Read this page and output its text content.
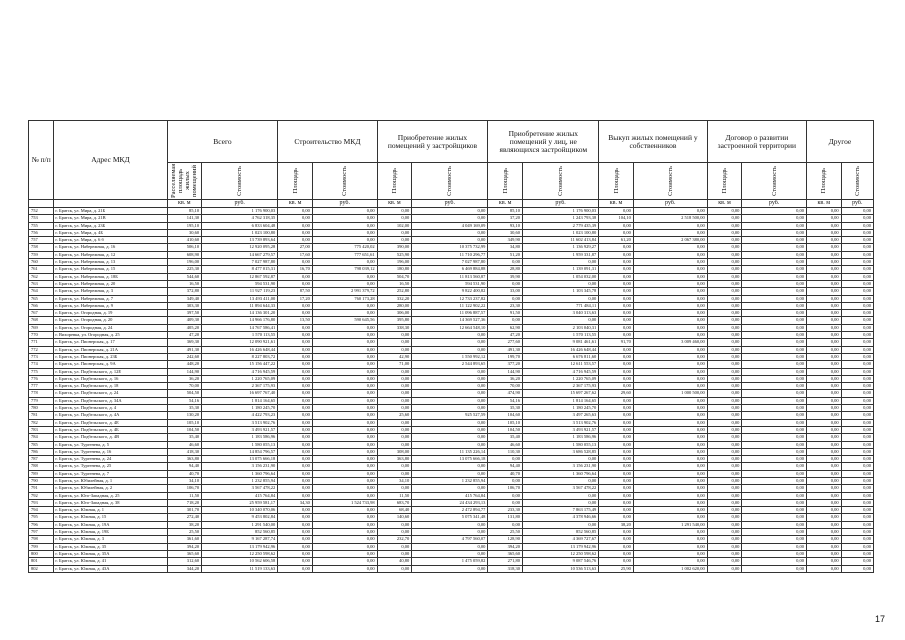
№ п/п	Адрес МКД	Всего		Строительство МКД		Приобретение жилых помещений у застройщиков		Приобретение жилых помещений у лиц, не являющихся застройщиком		Выкуп жилых помещений у собственников		Договор о развитии застроенной территории		Другое	

		Расселяемая площадь жилых помещений	Стоимость	Площадь	Стоимость	Площадь	Стоимость	Площадь	Стоимость	Площадь	Стоимость	Площадь	Стоимость	Площадь	Стоимость

		кв. м	руб.	кв. м	руб.	кв. м	руб.	кв. м	руб.	кв. м	руб.	кв. м	руб.	кв. м	руб.
752	г. Братск, ул. Мира, д. 21Б	85,10	1 176 900,03	0,00	0,00	0,00	0,00	85,10	1 176 900,03	0,00	0,00	0,00	0,00	0,00	0,00
753	г. Братск, ул. Мира, д. 21В	141,30	4 762 318,35	0,00	0,00	0,00	0,00	37,20	1 243 793,38	104,10	2 518 500,00	0,00	0,00	0,00	0,00
755	г. Братск, ул. Мира, д. 23Б	195,10	6 833 604,48	0,00	0,00	102,00	4 049 169,09	93,10	2 779 435,39	0,00	0,00	0,00	0,00	0,00	0,00
756	г. Братск, ул. Мира, д. 4Б	30,60	1 023 100,80	0,00	0,00	0,00	0,00	30,60	1 023 100,80	0,00	0,00	0,00	0,00	0,00	0,00
757	г. Братск, ул. Мира, д. 6 б	410,60	13 739 893,64	0,00	0,00	0,00	0,00	349,90	11 602 413,84	61,20	2 067 380,00	0,00	0,00	0,00	0,00
758	г. Братск, ул. Набережная, д. 16	506,10	12 920 095,28	27,00	775 420,02	390,00	10 375 732,99	34,80	1 136 929,27	0,00	0,00	0,00	0,00	0,00	0,00
759	г. Братск, ул. Набережная, д. 12	608,90	14 667 279,57	17,60	777 651,61	525,90	11 710 296,77	51,20	1 959 331,87	0,00	0,00	0,00	0,00	0,00	0,00
760	г. Братск, ул. Набережная, д. 13	196,00	7 027 987,80	0,00	0,00	196,00	7 027 987,80	0,00	0,00	0,00	0,00	0,00	0,00	0,00	0,00
761	г. Братск, ул. Набережная, д. 15	225,30	8 477 015,31	16,70	798 039,12	180,80	6 469 884,88	28,80	1 139 091,31	0,00	0,00	0,00	0,00	0,00	0,00
762	г. Братск, ул. Набережная, д. 18Б	544,60	12 867 592,87	0,00	0,00	504,70	11 813 560,87	39,90	1 054 032,00	0,00	0,00	0,00	0,00	0,00	0,00
763	г. Братск, ул. Набережная, д. 20	16,50	594 531,90	0,00	0,00	16,50	594 531,90	0,00	0,00	0,00	0,00	0,00	0,00	0,00	0,00
764	г. Братск, ул. Набережная, д. 3	372,80	11 927 119,23	87,50	2 991 379,72	252,80	9 822 400,82	33,00	1 103 345,78	0,00	0,00	0,00	0,00	0,00	0,00
765	г. Братск, ул. Набережная, д. 7	349,40	13 493 411,00	17,20	760 173,28	332,20	12 733 237,82	0,00	0,00	0,00	0,00	0,00	0,00	0,00	0,00
766	г. Братск, ул. Набережная, д. 9	303,30	11 894 644,33	0,00	0,00	280,00	11 122 902,22	23,30	771 484,11	0,00	0,00	0,00	0,00	0,00	0,00
767	г. Братск, ул. Огородная, д. 19	397,50	14 136 301,20	0,00	0,00	306,00	11 096 887,57	91,50	3 040 313,63	0,00	0,00	0,00	0,00	0,00	0,00
768	г. Братск, ул. Огородная, д. 20	409,30	14 966 176,80	13,50	590 645,56	395,80	14 369 527,36	0,00	0,00	0,00	0,00	0,00	0,00	0,00	0,00
769	г. Братск, ул. Огородная, д. 24	405,20	14 767 586,41	0,00	0,00	338,30	12 664 548,10	62,90	2 103 040,31	0,00	0,00	0,00	0,00	0,00	0,00
770	г. Вихоревка, ул. Огородная, д. 25	47,20	1 570 113,55	0,00	0,00	0,00	0,00	47,20	1 570 113,55	0,00	0,00	0,00	0,00	0,00	0,00
771	г. Братск, ул. Пионерская, д. 17	369,30	12 090 921,61	0,00	0,00	0,00	0,00	277,60	9 081 461,61	91,70	3 009 460,00	0,00	0,00	0,00	0,00
772	г. Братск, ул. Пионерская, д. 21А	491,30	16 426 648,44	0,00	0,00	0,00	0,00	491,30	16 426 648,44	0,00	0,00	0,00	0,00	0,00	0,00
773	г. Братск, ул. Пионерская, д. 23Б	242,60	8 227 803,72	0,00	0,00	42,90	1 550 992,12	199,70	6 676 811,60	0,00	0,00	0,00	0,00	0,00	0,00
774	г. Братск, ул. Пионерская, д. 9А	448,20	15 156 447,22	0,00	0,00	71,00	2 544 893,65	377,20	12 611 553,57	0,00	0,00	0,00	0,00	0,00	0,00
775	г. Братск, ул. Подбельского, д. 12Е	144,90	4 716 945,59	0,00	0,00	0,00	0,00	144,90	4 716 945,59	0,00	0,00	0,00	0,00	0,00	0,00
776	г. Братск, ул. Подбельского, д. 16	36,20	1 220 765,09	0,00	0,00	0,00	0,00	36,20	1 220 765,09	0,00	0,00	0,00	0,00	0,00	0,00
777	г. Братск, ул. Подбельского, д. 18	70,00	2 367 175,93	0,00	0,00	0,00	0,00	70,00	2 367 175,93	0,00	0,00	0,00	0,00	0,00	0,00
778	г. Братск, ул. Подбельского, д. 24	504,50	16 697 767,40	0,00	0,00	0,00	0,00	474,90	15 697 267,62	29,60	1 000 500,00	0,00	0,00	0,00	0,00
779	г. Братск, ул. Подбельского, д. 34А	54,16	1 814 164,65	0,00	0,00	0,00	0,00	54,16	1 814 164,65	0,00	0,00	0,00	0,00	0,00	0,00
780	г. Братск, ул. Подбельского, д. 4	35,30	1 180 245,70	0,00	0,00	0,00	0,00	35,30	1 180 245,70	0,00	0,00	0,00	0,00	0,00	0,00
781	г. Братск, ул. Подбельского, д. 4А	130,20	4 422 793,23	0,00	0,00	25,60	925 527,59	104,60	3 497 265,63	0,00	0,00	0,00	0,00	0,00	0,00
782	г. Братск, ул. Подбельского, д. 4Е	105,10	3 513 902,76	0,00	0,00	0,00	0,00	105,10	3 513 902,76	0,00	0,00	0,00	0,00	0,00	0,00
783	г. Братск, ул. Подбельского, д. 4Б	104,50	3 493 921,57	0,00	0,00	0,00	0,00	104,50	3 493 921,57	0,00	0,00	0,00	0,00	0,00	0,00
784	г. Братск, ул. Подбельского, д. 4В	35,40	1 183 586,96	0,00	0,00	0,00	0,00	35,40	1 183 586,96	0,00	0,00	0,00	0,00	0,00	0,00
785	г. Братск, ул. Тургенева, д. 5	46,60	1 580 055,13	0,00	0,00	0,00	0,00	46,60	1 580 055,13	0,00	0,00	0,00	0,00	0,00	0,00
786	г. Братск, ул. Тургенева, д. 16	418,30	14 854 796,57	0,00	0,00	308,00	11 135 226,14	110,30	3 686 528,85	0,00	0,00	0,00	0,00	0,00	0,00
787	г. Братск, ул. Тургенева, д. 24	363,80	13 075 666,18	0,00	0,00	363,80	13 075 666,18	0,00	0,00	0,00	0,00	0,00	0,00	0,00	0,00
788	г. Братск, ул. Тургенева, д. 25	94,40	3 156 231,90	0,00	0,00	0,00	0,00	94,40	3 156 231,90	0,00	0,00	0,00	0,00	0,00	0,00
789	г. Братск, ул. Тургенева, д. 7	40,70	1 360 796,64	0,00	0,00	0,00	0,00	40,70	1 360 796,64	0,00	0,00	0,00	0,00	0,00	0,00
790	г. Братск, ул. Юбилейная, д. 1	34,10	1 232 855,94	0,00	0,00	34,10	1 232 855,94	0,00	0,00	0,00	0,00	0,00	0,00	0,00	0,00
791	г. Братск, ул. Юбилейная, д. 2	106,70	3 567 478,22	0,00	0,00	0,00	0,00	106,70	3 567 478,22	0,00	0,00	0,00	0,00	0,00	0,00
792	г. Братск, ул. Юго-Западная, д. 25	11,50	415 764,84	0,00	0,00	11,50	415 764,84	0,00	0,00	0,00	0,00	0,00	0,00	0,00	0,00
793	г. Братск, ул. Юго-Западная, д. 38	718,20	25 959 581,17	34,30	1 524 733,98	683,70	24 434 293,13	0,00	0,00	0,00	0,00	0,00	0,00	0,00	0,00
794	г. Братск, ул. Южная, д. 1	301,70	10 340 070,06	0,00	0,00	68,40	2 472 894,77	233,30	7 863 175,49	0,00	0,00	0,00	0,00	0,00	0,00
795	г. Братск, ул. Южная, д. 15	272,40	9 453 802,84	0,00	0,00	140,60	5 075 341,48	131,80	4 378 946,66	0,00	0,00	0,00	0,00	0,00	0,00
796	г. Братск, ул. Южная, д. 19А	38,20	1 291 540,00	0,00	0,00	0,00	0,00	0,00	0,00	38,20	1 291 540,00	0,00	0,00	0,00	0,00
797	г. Братск, ул. Южная, д. 19Б	25,50	852 560,85	0,00	0,00	0,00	0,00	25,50	852 560,85	0,00	0,00	0,00	0,00	0,00	0,00
798	г. Братск, ул. Южная, д. 3	361,60	9 167 287,74	0,00	0,00	232,70	4 797 560,07	128,90	4 369 727,67	0,00	0,00	0,00	0,00	0,00	0,00
799	г. Братск, ул. Южная, д. 35	394,20	13 179 942,96	0,00	0,00	0,00	0,00	394,20	13 179 942,96	0,00	0,00	0,00	0,00	0,00	0,00
800	г. Братск, ул. Южная, д. 35А	365,60	12 250 598,62	0,00	0,00	0,00	0,00	365,60	12 250 598,62	0,00	0,00	0,00	0,00	0,00	0,00
801	г. Братск, ул. Южная, д. 41	312,60	10 562 606,58	0,00	0,00	40,80	1 475 059,82	271,80	9 087 546,76	0,00	0,00	0,00	0,00	0,00	0,00
802	г. Братск, ул. Южная, д. 43А	344,20	11 519 133,63	0,00	0,00	0,00	0,00	318,30	10 536 513,63	25,90	1 002 620,00	0,00	0,00	0,00	0,00
17
